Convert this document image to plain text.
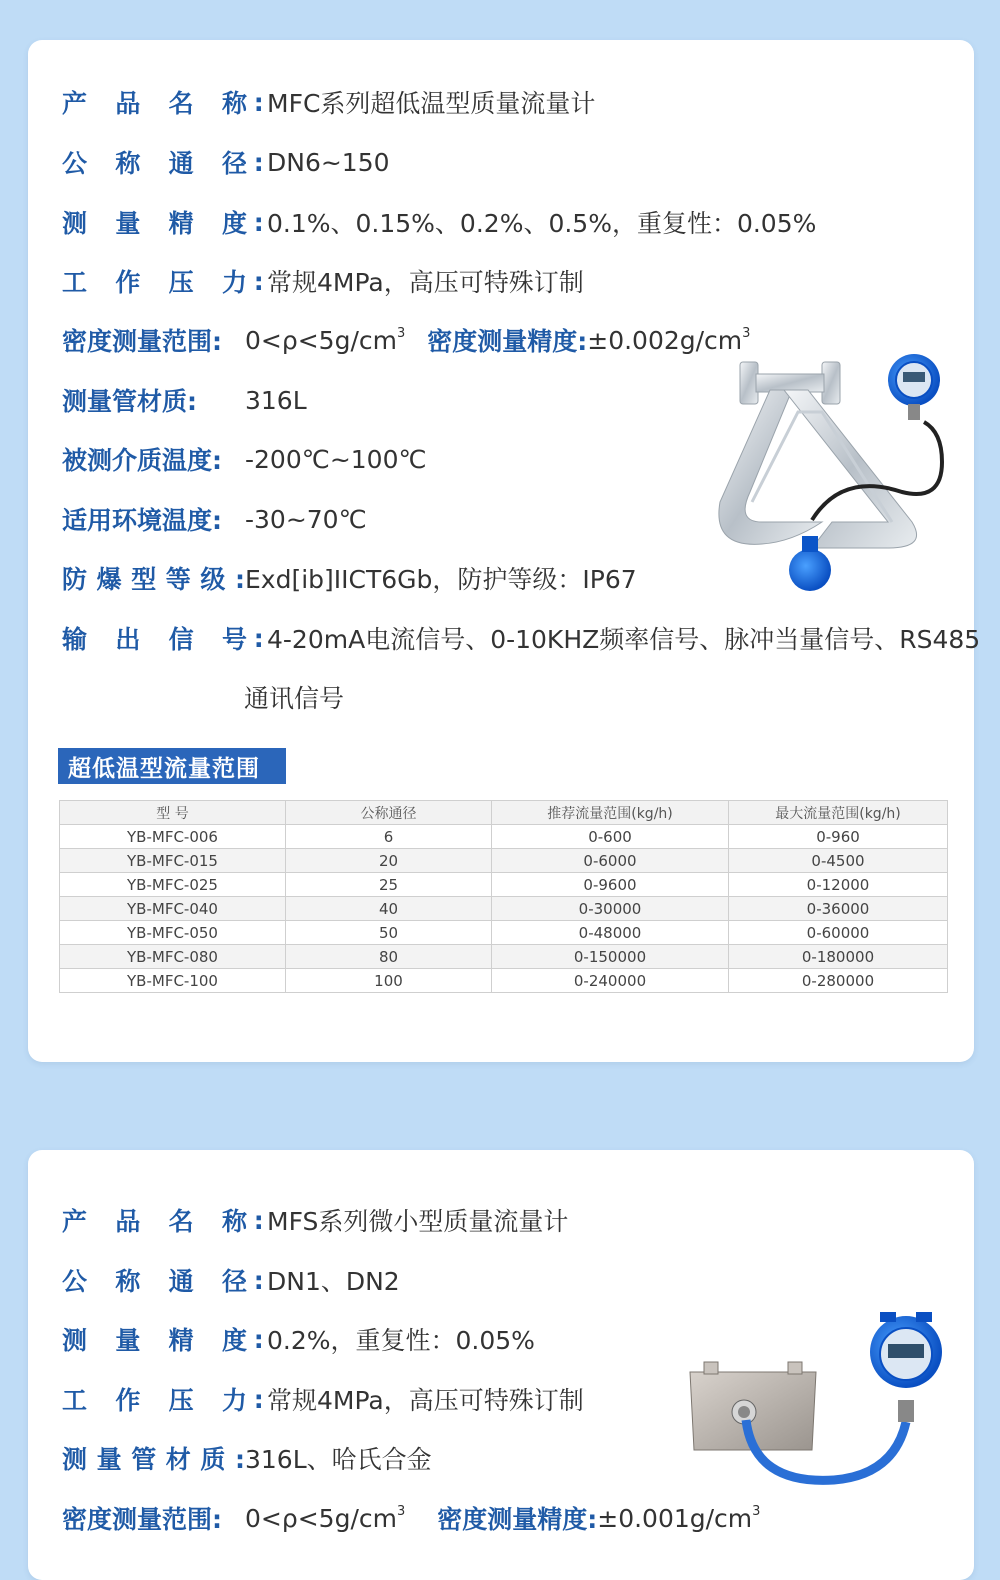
产品名称
: MFC系列超低温型质量流量计
公称通径
: DN6~150
测量精度
: 0.1%、0.15%、0.2%、0.5%，重复性：0.05%
工作压力
: 常规4MPa，高压可特殊订制
密度测量范围: $0<\rho<5g/cm^3$ 密度测量精度: $\pm 0.002g/cm^3$
测量管材质:	316L
被测介质温度: -200℃~100℃
适用环境温度: -30~70℃
防爆型等级:
Exd[ib]IICT6Gb，防护等级：IP67
输出信号
: 4-20mA电流信号、0-10KHZ频率信号、脉冲当量信号、RS485
通讯信号
超低温型流量范围
型 号	公称通径	推荐流量范围(kg/h)	最大流量范围(kg/h)
YB-MFC-006	6	0-600	0-960
YB-MFC-015	20	0-6000	0-4500
YB-MFC-025	25	0-9600	0-12000
YB-MFC-040	40	0-30000	0-36000
YB-MFC-050	50	0-48000	0-60000
YB-MFC-080	80	0-150000	0-180000
YB-MFC-100	100	0-240000	0-280000
产品名称
: MFS系列微小型质量流量计
公称通径
: DN1、DN2
测量精度
: 0.2%，重复性：0.05%
工作压力
: 常规4MPa，高压可特殊订制
测量管材质:
316L、哈氏合金
密度测量范围: $0<\rho<5g/cm^3$ 密度测量精度: $\pm 0.001g/cm^3$
